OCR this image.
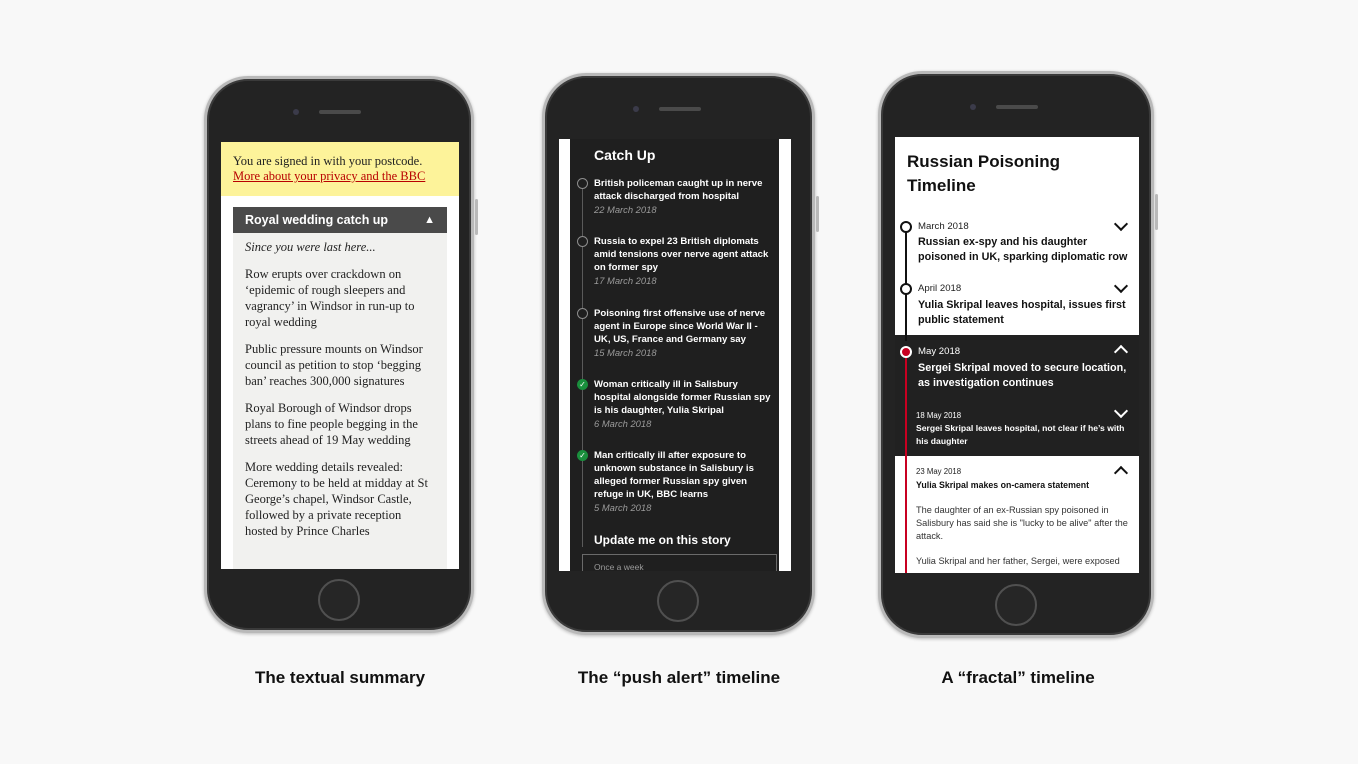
You are signed in with your postcode.
More about your privacy and the BBC
Royal wedding catch up	▲
Since you were last here...
Row erupts over crackdown on ‘epidemic of rough sleepers and vagrancy’ in Windsor in run-up to royal wedding
Public pressure mounts on Windsor council as petition to stop ‘begging ban’ reaches 300,000 signatures
Royal Borough of Windsor drops plans to fine people begging in the streets ahead of 19 May wedding
More wedding details revealed: Ceremony to be held at midday at St George’s chapel, Windsor Castle, followed by a private reception hosted by Prince Charles
Catch Up
British policeman caught up in nerve attack discharged from hospital
22 March 2018
Russia to expel 23 British diplomats amid tensions over nerve agent attack on former spy
17 March 2018
Poisoning first offensive use of nerve agent in Europe since World War II - UK, US, France and Germany say
15 March 2018
✓ Woman critically ill in Salisbury hospital alongside former Russian spy is his daughter, Yulia Skripal
6 March 2018
✓ Man critically ill after exposure to unknown substance in Salisbury is alleged former Russian spy given refuge in UK, BBC learns
5 March 2018
Update me on this story
Once a week
Russian Poisoning Timeline
March 2018
Russian ex-spy and his daughter poisoned in UK, sparking diplomatic row
April 2018
Yulia Skripal leaves hospital, issues first public statement
May 2018
Sergei Skripal moved to secure location, as investigation continues
18 May 2018
Sergei Skripal leaves hospital, not clear if he’s with his daughter
23 May 2018
Yulia Skripal makes on-camera statement
The daughter of an ex-Russian spy poisoned in Salisbury has said she is "lucky to be alive" after the attack.
Yulia Skripal and her father, Sergei, were exposed
The textual summary	The “push alert” timeline	A “fractal” timeline
